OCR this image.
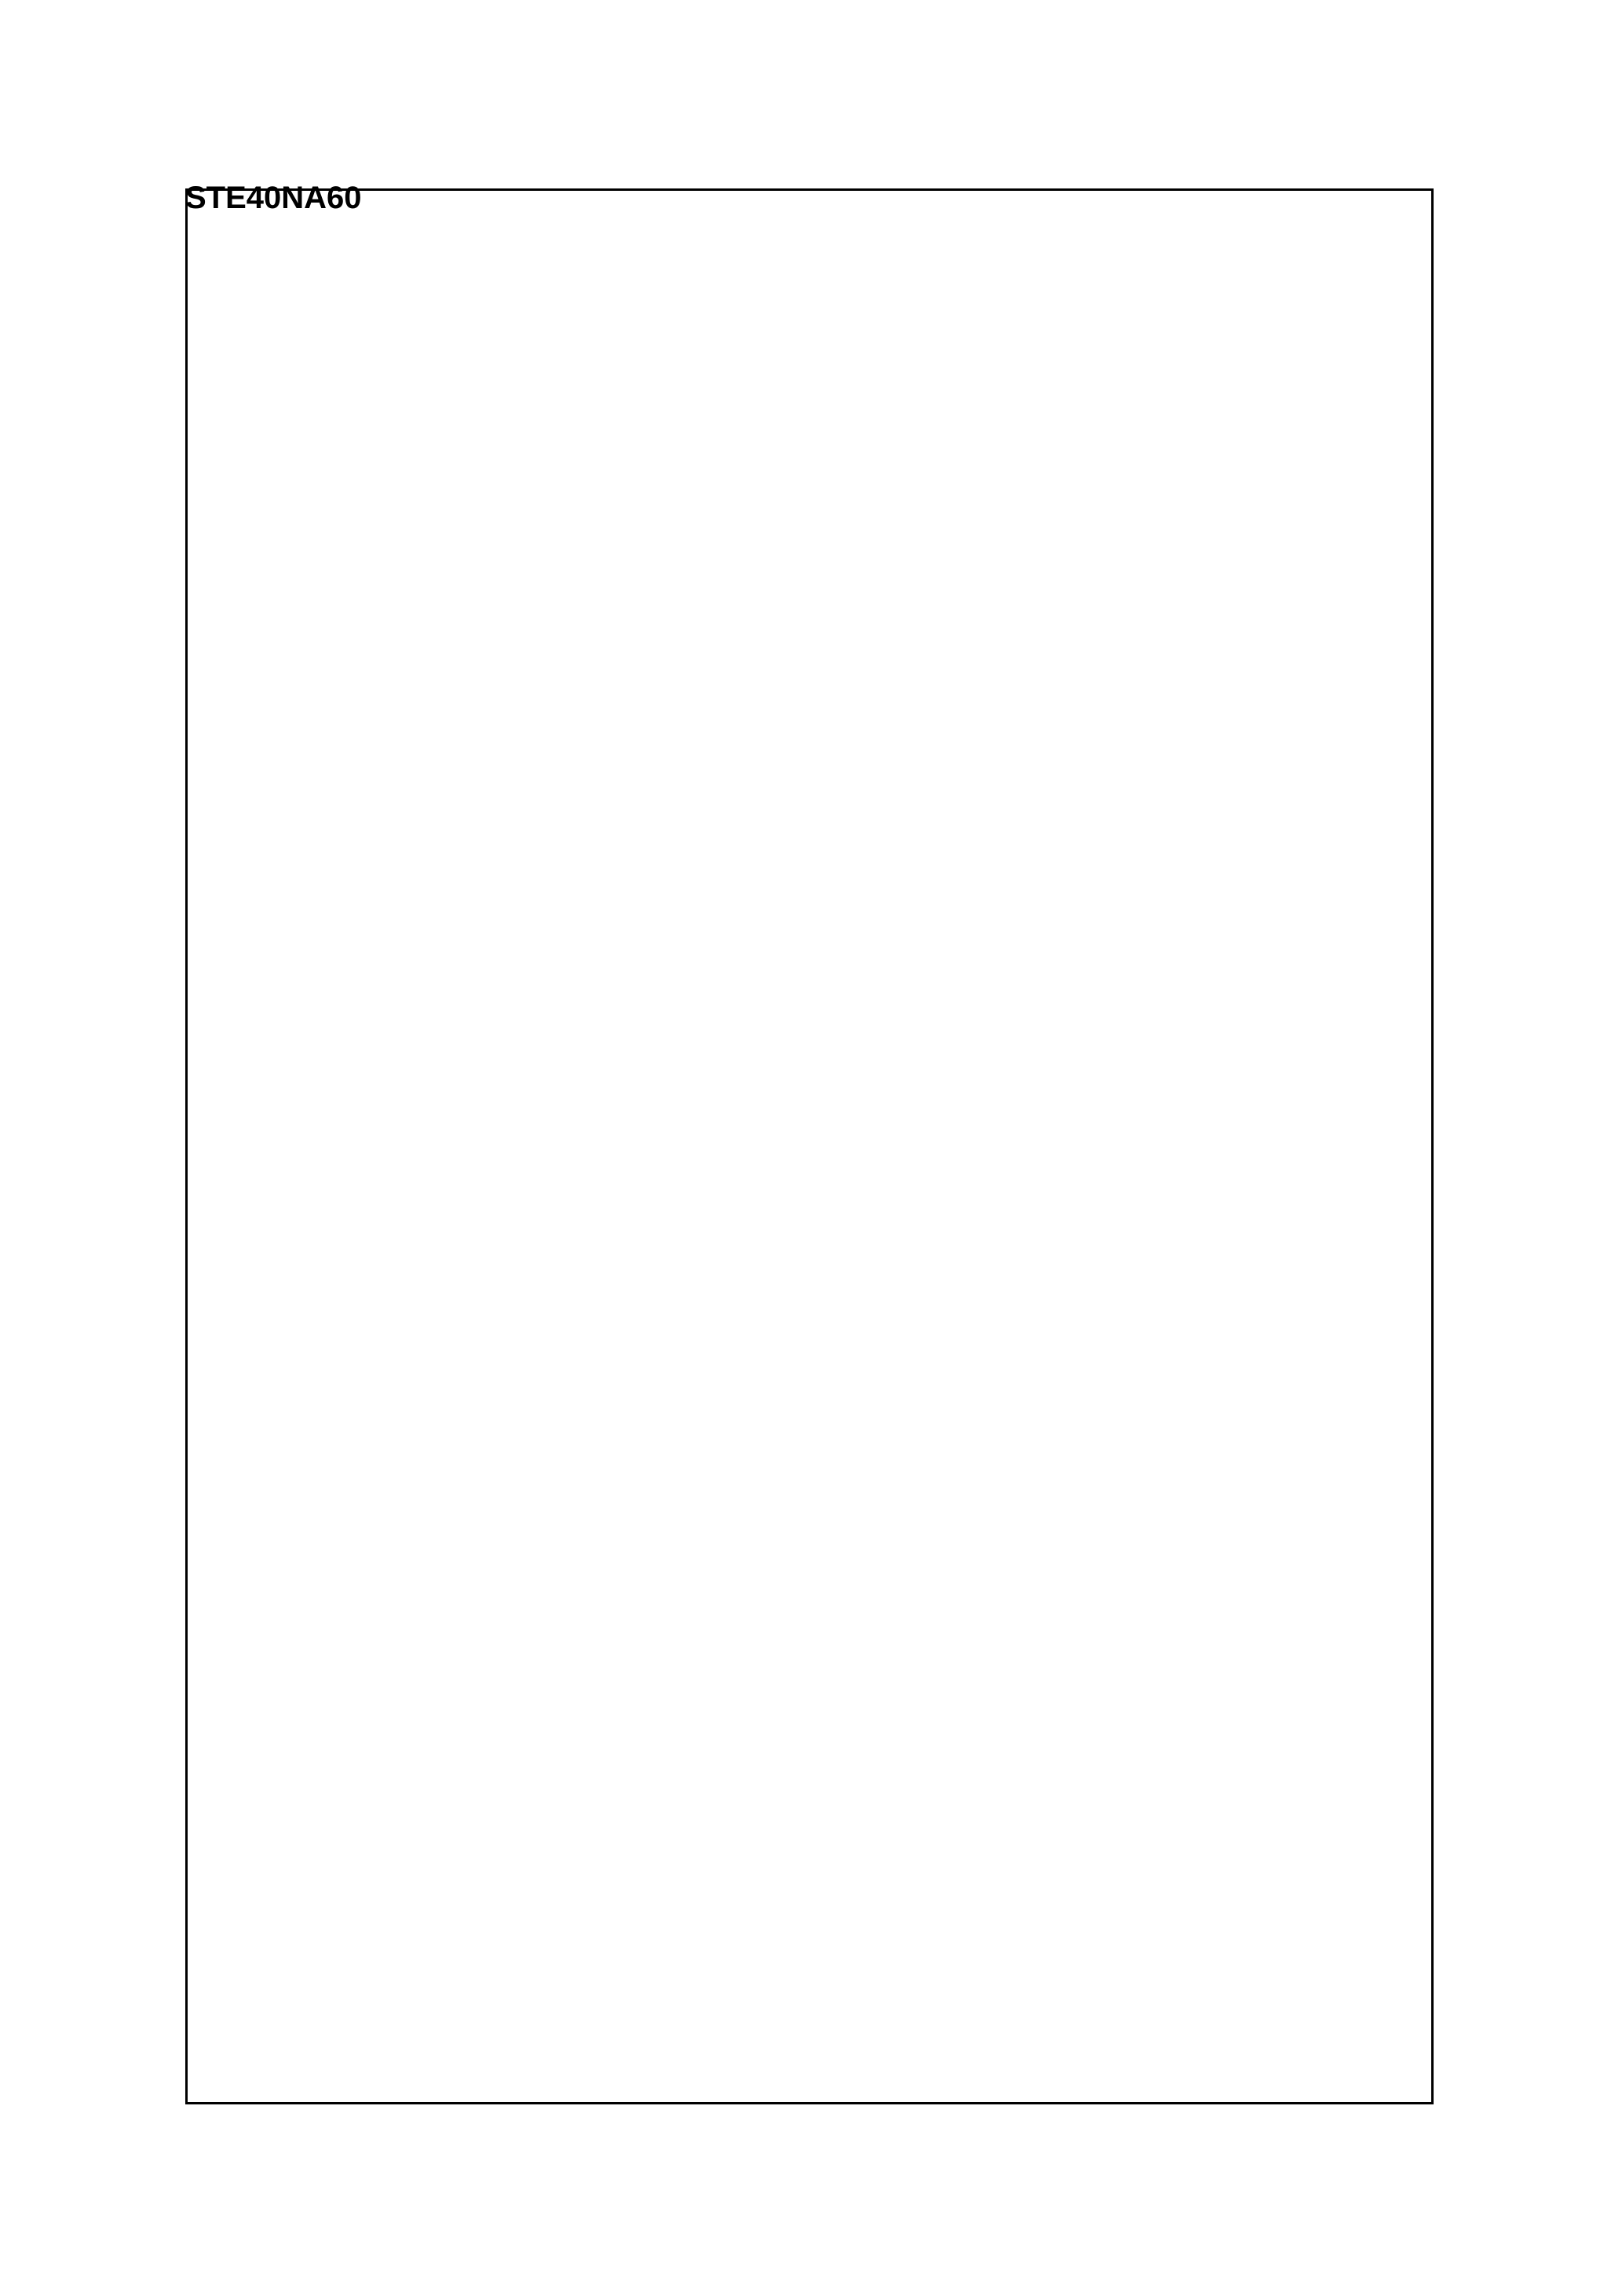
STE40NA60
